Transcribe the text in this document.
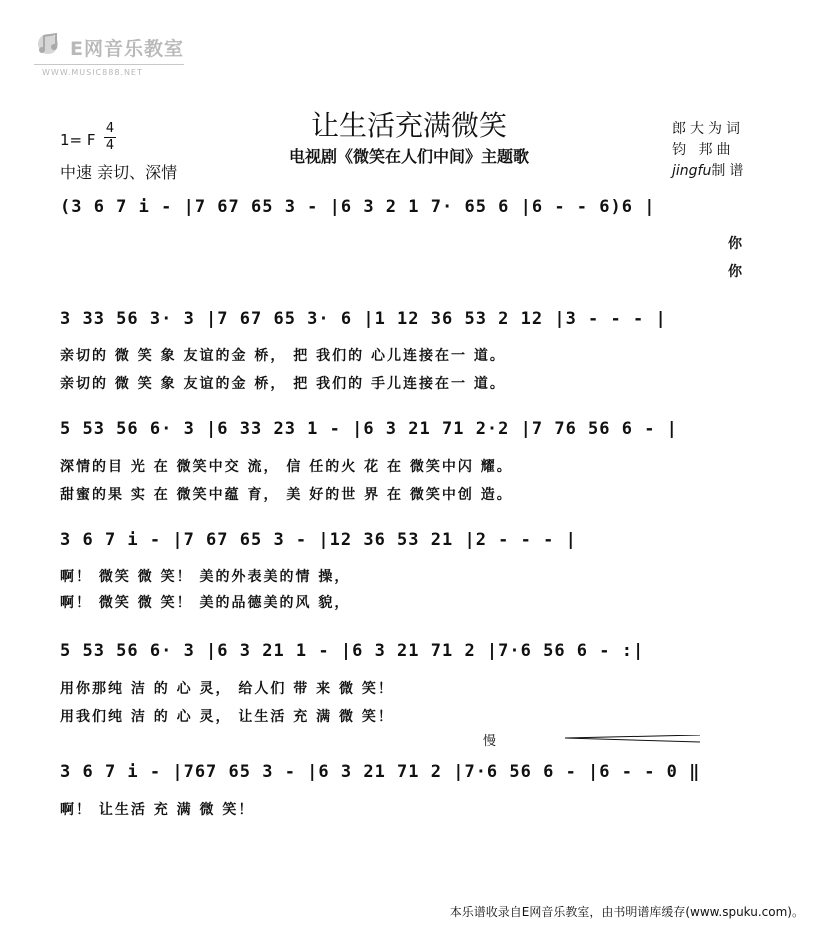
E网音乐教室
WWW.MUSIC888.NET
让生活充满微笑
电视剧《微笑在人们中间》主题歌
1= F
4
4
中速 亲切、深情
郎大为词
钧 邦曲
jingfu制谱
(3 6 7 i - |7 67 65 3 - |6 3 2 1 7· 65 6 |6 - - 6)6 |
你
你
3 33 56 3· 3 |7 67 65 3· 6 |1 12 36 53 2 12 |3 - - - |
亲切的 微 笑 象 友谊的金 桥， 把 我们的 心儿连接在一 道。
亲切的 微 笑 象 友谊的金 桥， 把 我们的 手儿连接在一 道。
5 53 56 6· 3 |6 33 23 1 - |6 3 21 71 2·2 |7 76 56 6 - |
深情的目 光 在 微笑中交 流， 信 任的火 花 在 微笑中闪 耀。
甜蜜的果 实 在 微笑中蕴 育， 美 好的世 界 在 微笑中创 造。
3 6 7 i - |7 67 65 3 - |12 36 53 21 |2 - - - |
啊！ 微笑 微 笑！ 美的外表美的情 操，
啊！ 微笑 微 笑！ 美的品德美的风 貌，
5 53 56 6· 3 |6 3 21 1 - |6 3 21 71 2 |7·6 56 6 - :|
用你那纯 洁 的 心 灵， 给人们 带 来 微 笑！
用我们纯 洁 的 心 灵， 让生活 充 满 微 笑！
慢
3 6 7 i - |767 65 3 - |6 3 21 71 2 |7·6 56 6 - |6 - - 0 ‖
啊！ 让生活 充 满 微 笑！
本乐谱收录自E网音乐教室，由书明谱库缓存(www.spuku.com)。
